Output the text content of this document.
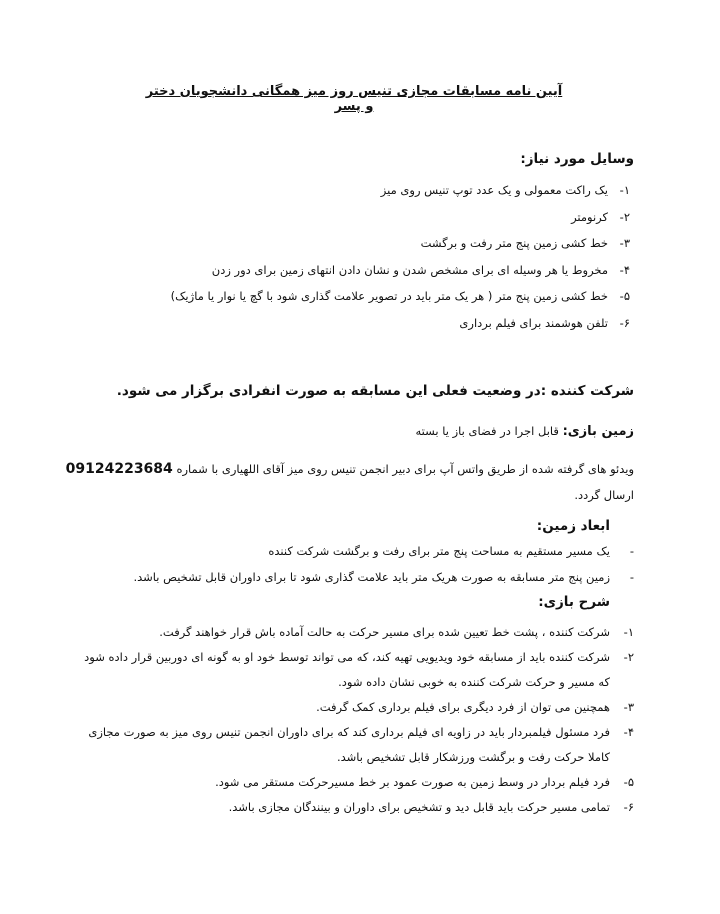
آیین نامه مسابقات مجازی تنیس روز میز همگانی دانشجویان دختر و پسر
وسایل مورد نیاز:
۱-یک راکت معمولی و یک عدد توپ تنیس روی میز
۲-کرنومتر
۳-خط کشی زمین پنج متر رفت و برگشت
۴-مخروط یا هر وسیله ای برای مشخص شدن و نشان دادن انتهای زمین برای دور زدن
۵-خط کشی زمین پنج متر ( هر یک متر باید در تصویر علامت گذاری شود با گچ یا نوار یا ماژیک)
۶-تلفن هوشمند برای فیلم برداری
شرکت کننده :در وضعیت فعلی این مسابقه به صورت انفرادی برگزار می شود.
زمین بازی: قابل اجرا در فضای باز یا بسته
ویدئو های گرفته شده از طریق واتس آپ برای دبیر انجمن تنیس روی میز آقای اللهیاری با شماره 09124223684 ارسال گردد.
ابعاد زمین:
-یک مسیر مستقیم به مساحت پنج متر برای رفت و برگشت شرکت کننده
-زمین پنج متر مسابقه به صورت هریک متر باید علامت گذاری شود تا برای داوران قابل تشخیص باشد.
شرح بازی:
۱-
شرکت کننده ، پشت خط تعیین شده برای مسیر حرکت به حالت آماده باش قرار خواهند گرفت.
۲-
شرکت کننده باید از مسابقه خود ویدیویی تهیه کند، که می تواند توسط خود او به گونه ای دوربین قرار داده شود که مسیر و حرکت شرکت کننده به خوبی نشان داده شود.
۳-
همچنین می توان از فرد دیگری برای فیلم برداری کمک گرفت.
۴-
فرد مسئول فیلمبردار باید در زاویه ای فیلم برداری کند که برای داوران انجمن تنیس روی میز به صورت مجازی کاملا حرکت رفت و برگشت ورزشکار قابل تشخیص باشد.
۵-
فرد فیلم بردار در وسط زمین به صورت عمود بر خط مسیرحرکت مستقر می شود.
۶-
تمامی مسیر حرکت باید قابل دید و تشخیص برای داوران و بینندگان مجازی باشد.
